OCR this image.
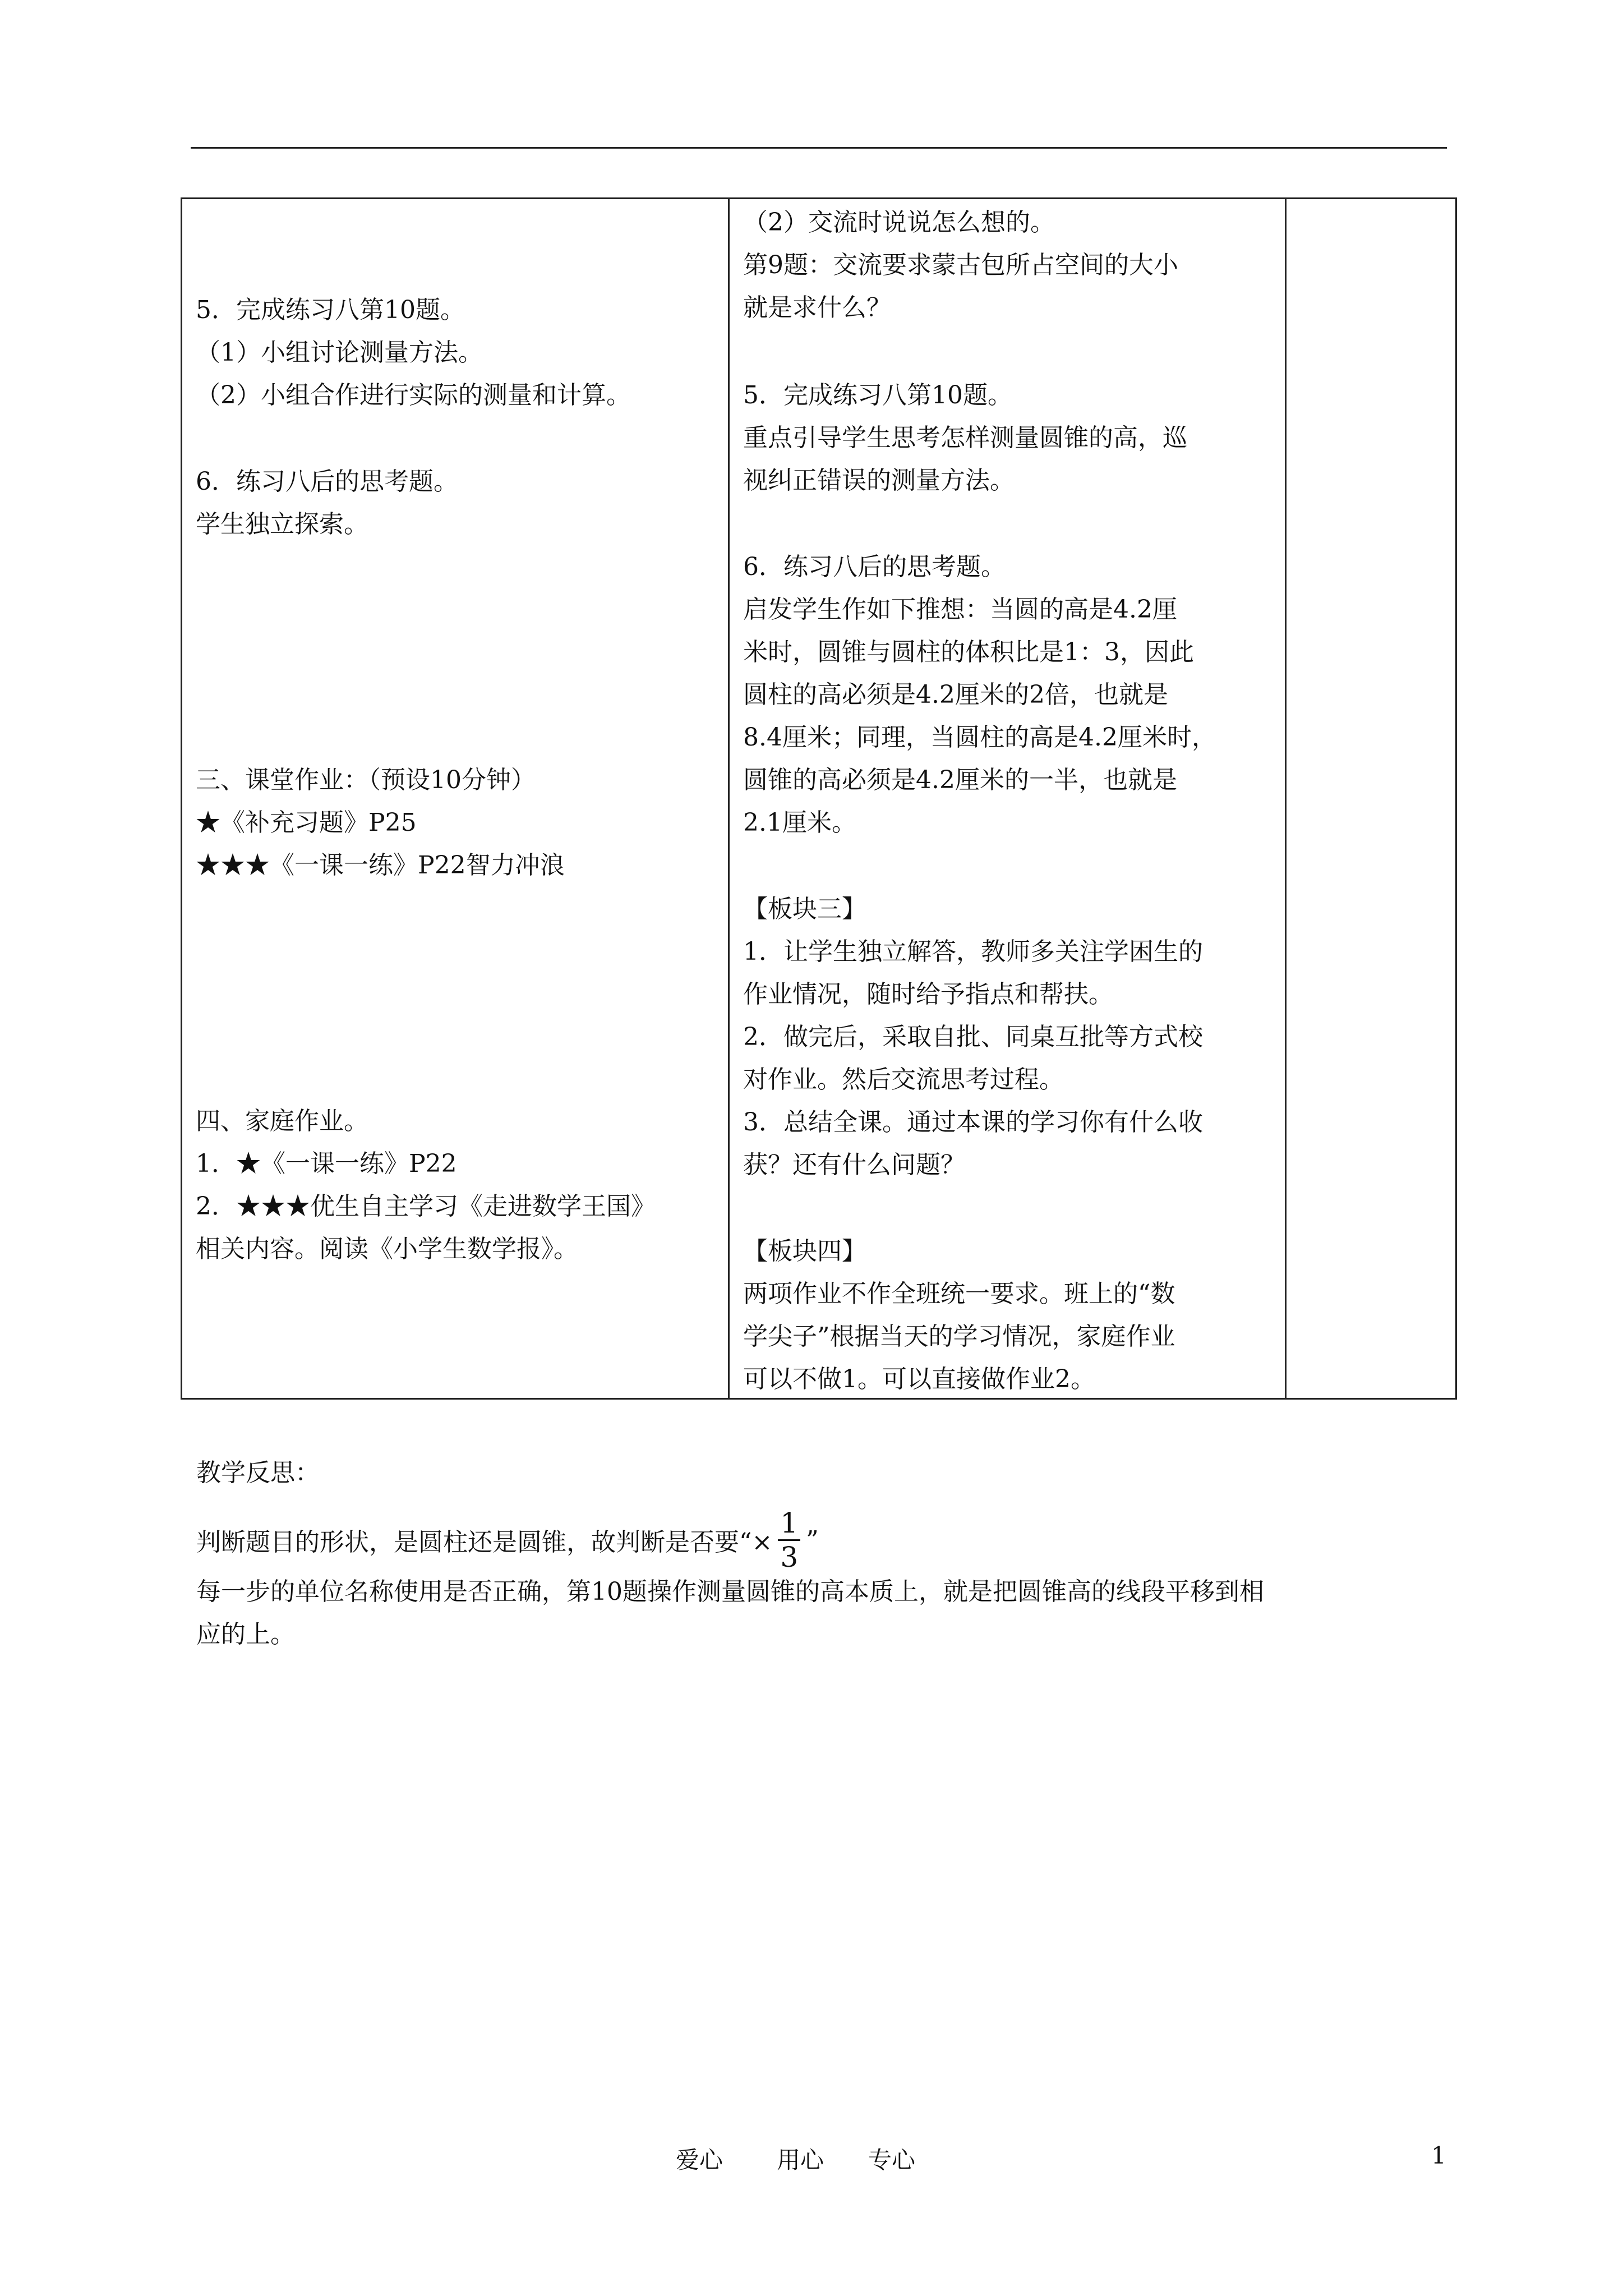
5．完成练习八第10题。
（1）小组讨论测量方法。
（2）小组合作进行实际的测量和计算。
6．练习八后的思考题。
学生独立探索。
三、课堂作业：（预设10分钟）
★《补充习题》P25
★★★《一课一练》P22智力冲浪
四、家庭作业。
1．★《一课一练》P22
2．★★★优生自主学习《走进数学王国》
相关内容。阅读《小学生数学报》。
（2）交流时说说怎么想的。
第9题：交流要求蒙古包所占空间的大小
就是求什么？
5．完成练习八第10题。
重点引导学生思考怎样测量圆锥的高，巡
视纠正错误的测量方法。
6．练习八后的思考题。
启发学生作如下推想：当圆的高是4.2厘
米时，圆锥与圆柱的体积比是1：3，因此
圆柱的高必须是4.2厘米的2倍，也就是
8.4厘米；同理，当圆柱的高是4.2厘米时，
圆锥的高必须是4.2厘米的一半，也就是
2.1厘米。
【板块三】
1．让学生独立解答，教师多关注学困生的
作业情况，随时给予指点和帮扶。
2．做完后，采取自批、同桌互批等方式校
对作业。然后交流思考过程。
3．总结全课。通过本课的学习你有什么收
获？还有什么问题？
【板块四】
两项作业不作全班统一要求。班上的“数
学尖子”根据当天的学习情况，家庭作业
可以不做1。可以直接做作业2。
教学反思：
判断题目的形状，是圆柱还是圆锥，故判断是否要“× $\frac{1}{3}$ ”
每一步的单位名称使用是否正确，第10题操作测量圆锥的高本质上，就是把圆锥高的线段平移到相
应的上。
爱心 用心 专心	1
